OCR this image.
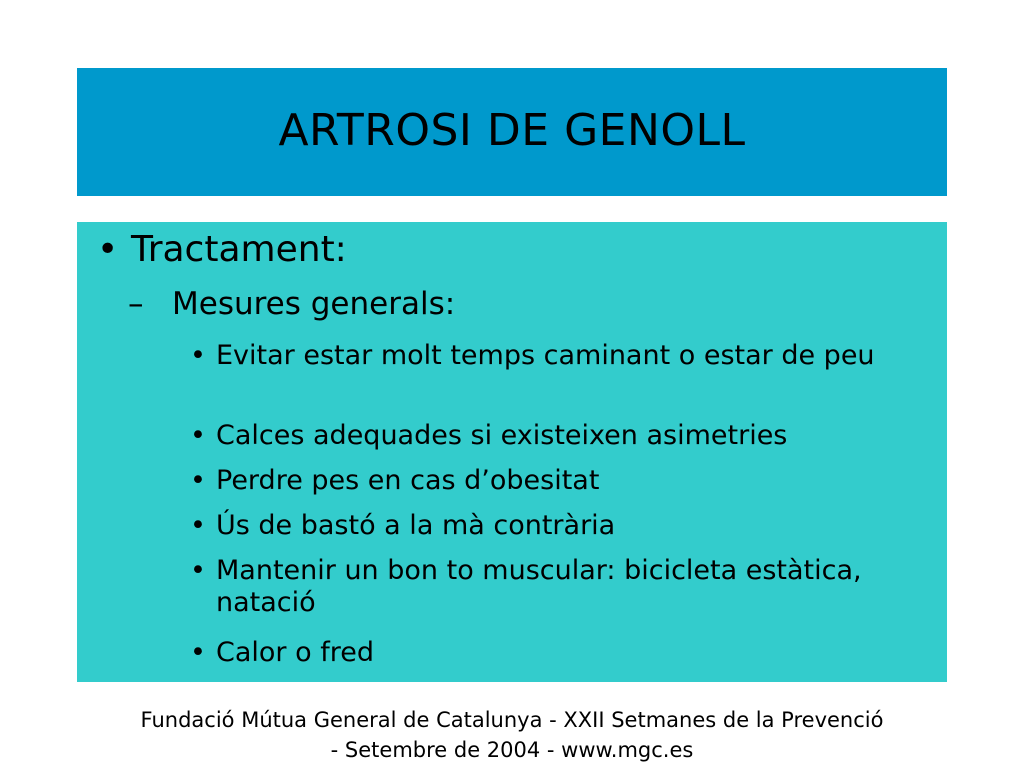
ARTROSI DE GENOLL
• Tractament:
– Mesures generals:
• Evitar estar molt temps caminant o estar de peu
• Calces adequades si existeixen asimetries
• Perdre pes en cas d’obesitat
• Ús de bastó a la mà contrària
• Mantenir un bon to muscular: bicicleta estàtica, natació
• Calor o fred
Fundació Mútua General de Catalunya - XXII Setmanes de la Prevenció
- Setembre de 2004 - www.mgc.es
